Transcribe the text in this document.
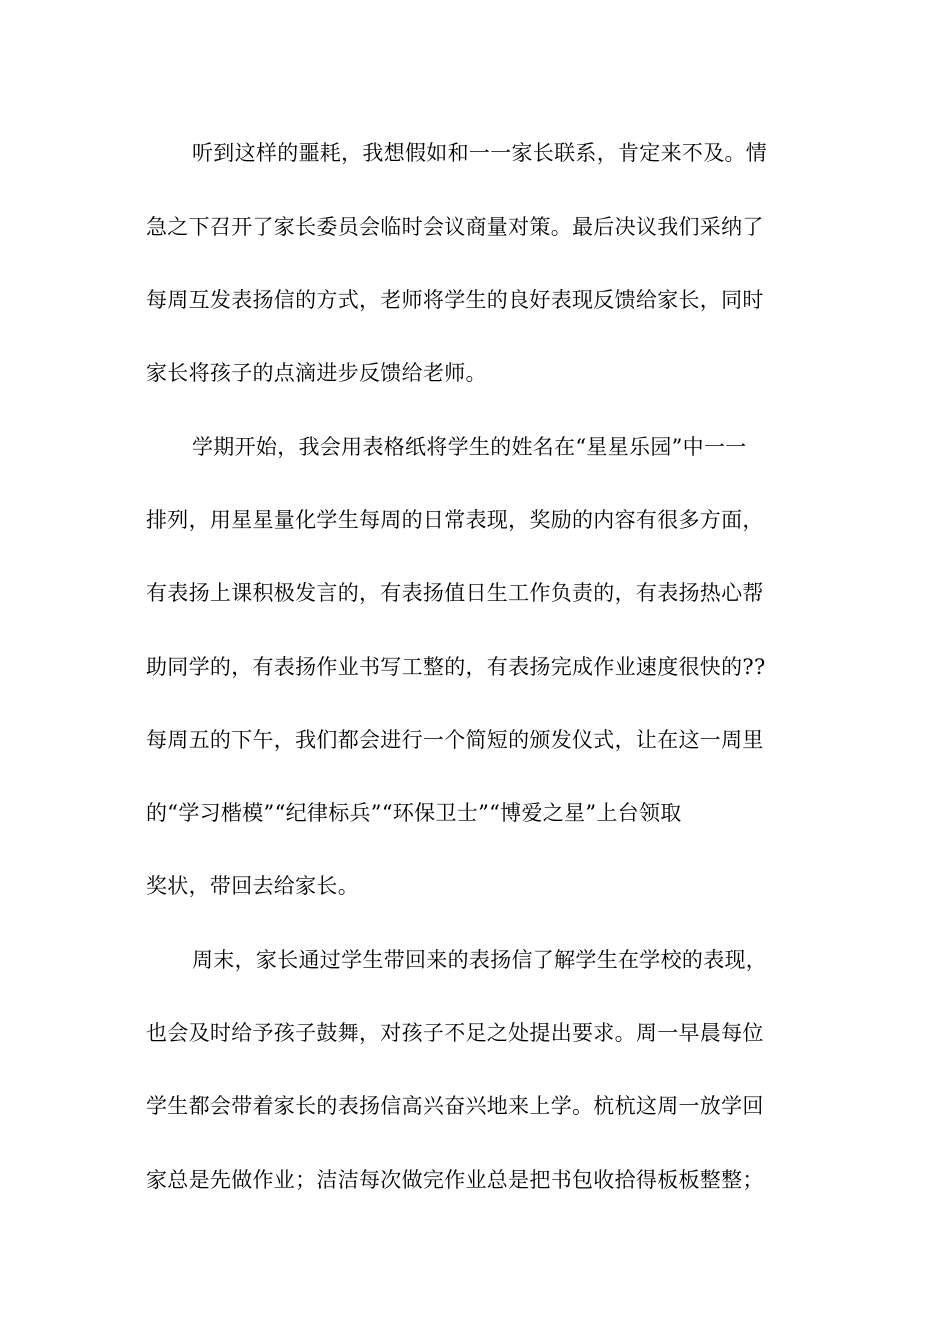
听到这样的噩耗，我想假如和一一家长联系，肯定来不及。情
急之下召开了家长委员会临时会议商量对策。最后决议我们采纳了
每周互发表扬信的方式，老师将学生的良好表现反馈给家长，同时
家长将孩子的点滴进步反馈给老师。
学期开始，我会用表格纸将学生的姓名在“星星乐园”中一一
排列，用星星量化学生每周的日常表现，奖励的内容有很多方面，
有表扬上课积极发言的，有表扬值日生工作负责的，有表扬热心帮
助同学的，有表扬作业书写工整的，有表扬完成作业速度很快的??
每周五的下午，我们都会进行一个简短的颁发仪式，让在这一周里
的“学习楷模”“纪律标兵”“环保卫士”“博爱之星”上台领取
奖状，带回去给家长。
周末，家长通过学生带回来的表扬信了解学生在学校的表现，
也会及时给予孩子鼓舞，对孩子不足之处提出要求。周一早晨每位
学生都会带着家长的表扬信高兴奋兴地来上学。杭杭这周一放学回
家总是先做作业；洁洁每次做完作业总是把书包收拾得板板整整；
